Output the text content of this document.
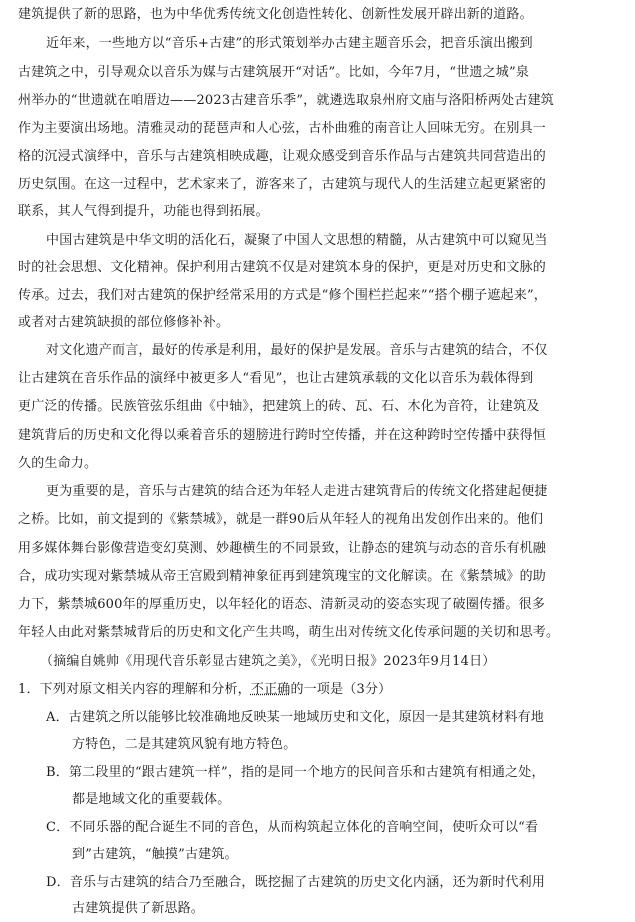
建筑提供了新的思路，也为中华优秀传统文化创造性转化、创新性发展开辟出新的道路。
近年来，一些地方以“音乐+古建”的形式策划举办古建主题音乐会，把音乐演出搬到
古建筑之中，引导观众以音乐为媒与古建筑展开“对话”。比如，今年7月，“世遗之城”泉
州举办的“世遗就在咱厝边——2023古建音乐季”，就遴选取泉州府文庙与洛阳桥两处古建筑
作为主要演出场地。清雅灵动的琵琶声和人心弦，古朴曲雅的南音让人回味无穷。在别具一
格的沉浸式演绎中，音乐与古建筑相映成趣，让观众感受到音乐作品与古建筑共同营造出的
历史氛围。在这一过程中，艺术家来了，游客来了，古建筑与现代人的生活建立起更紧密的
联系，其人气得到提升，功能也得到拓展。
中国古建筑是中华文明的活化石，凝聚了中国人文思想的精髓，从古建筑中可以窥见当
时的社会思想、文化精神。保护利用古建筑不仅是对建筑本身的保护，更是对历史和文脉的
传承。过去，我们对古建筑的保护经常采用的方式是“修个围栏拦起来”“搭个棚子遮起来”，
或者对古建筑缺损的部位修修补补。
对文化遗产而言，最好的传承是利用，最好的保护是发展。音乐与古建筑的结合，不仅
让古建筑在音乐作品的演绎中被更多人“看见”，也让古建筑承载的文化以音乐为载体得到
更广泛的传播。民族管弦乐组曲《中轴》，把建筑上的砖、瓦、石、木化为音符，让建筑及
建筑背后的历史和文化得以乘着音乐的翅膀进行跨时空传播，并在这种跨时空传播中获得恒
久的生命力。
更为重要的是，音乐与古建筑的结合还为年轻人走进古建筑背后的传统文化搭建起便捷
之桥。比如，前文提到的《紫禁城》，就是一群90后从年轻人的视角出发创作出来的。他们
用多媒体舞台影像营造变幻莫测、妙趣横生的不同景致，让静态的建筑与动态的音乐有机融
合，成功实现对紫禁城从帝王宫殿到精神象征再到建筑瑰宝的文化解读。在《紫禁城》的助
力下，紫禁城600年的厚重历史，以年轻化的语态、清新灵动的姿态实现了破圈传播。很多
年轻人由此对紫禁城背后的历史和文化产生共鸣，萌生出对传统文化传承问题的关切和思考。
（摘编自姚帅《用现代音乐彰显古建筑之美》，《光明日报》2023年9月14日）
1．下列对原文相关内容的理解和分析，不正确的一项是（3分）
A．古建筑之所以能够比较准确地反映某一地域历史和文化，原因一是其建筑材料有地
方特色，二是其建筑风貌有地方特色。
B．第二段里的“跟古建筑一样”，指的是同一个地方的民间音乐和古建筑有相通之处，
都是地域文化的重要载体。
C．不同乐器的配合诞生不同的音色，从而构筑起立体化的音响空间，使听众可以“看
到”古建筑，“触摸”古建筑。
D．音乐与古建筑的结合乃至融合，既挖掘了古建筑的历史文化内涵，还为新时代利用
古建筑提供了新思路。
